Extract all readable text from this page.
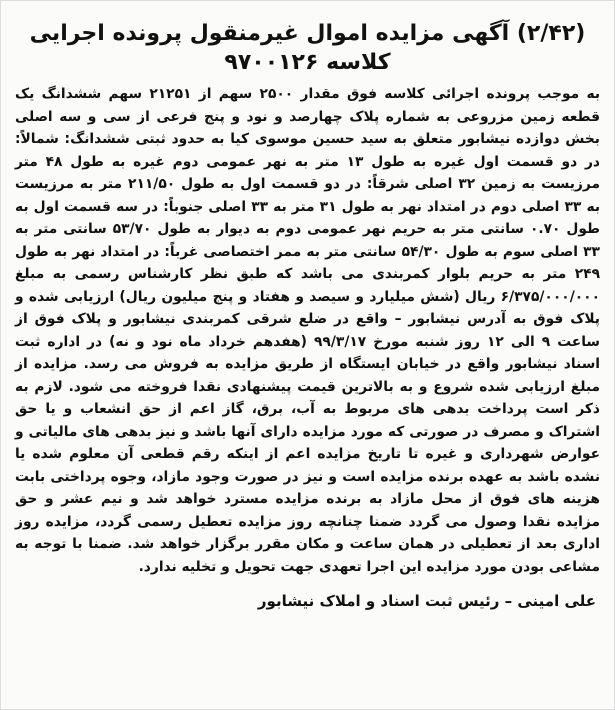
(۲/۴۲) آگهی مزایده اموال غیرمنقول پرونده اجرایی کلاسه ۹۷۰۰۱۲۶

به موجب پرونده اجرائی کلاسه فوق مقدار ۲۵۰۰ سهم از ۲۱۲۵۱ سهم ششدانگ یک قطعه زمین مزروعی به شماره پلاک چهارصد و نود و پنج فرعی از سی و سه اصلی بخش دوازده نیشابور متعلق به سید حسین موسوی کیا به حدود ثبتی ششدانگ: شمالاً: در دو قسمت اول غیره به طول ۱۳ متر به نهر عمومی دوم غیره به طول ۴۸ متر مرزیست به زمین ۳۲ اصلی شرقاً: در دو قسمت اول به طول ۲۱۱/۵۰ متر به مرزیست به ۳۳ اصلی دوم در امتداد نهر به طول ۳۱ متر به ۳۳ اصلی جنوباً: در سه قسمت اول به طول ۰.۷۰ سانتی متر به حریم نهر عمومی دوم به دیوار به طول ۵۳/۷۰ سانتی متر به ۳۳ اصلی سوم به طول ۵۴/۳۰ سانتی متر به ممر اختصاصی غرباً: در امتداد نهر به طول ۲۴۹ متر به حریم بلوار کمربندی می باشد که طبق نظر کارشناس رسمی به مبلغ ۶/۳۷۵/۰۰۰/۰۰۰ ریال (شش میلیارد و سیصد و هفتاد و پنج میلیون ریال) ارزیابی شده و پلاک فوق به آدرس نیشابور – واقع در ضلع شرقی کمربندی نیشابور و پلاک فوق از ساعت ۹ الی ۱۲ روز شنبه مورخ ۹۹/۳/۱۷ (هفدهم خرداد ماه نود و نه) در اداره ثبت اسناد نیشابور واقع در خیابان ایستگاه از طریق مزایده به فروش می رسد. مزایده از مبلغ ارزیابی شده شروع و به بالاترین قیمت پیشنهادی نقدا فروخته می شود. لازم به ذکر است پرداخت بدهی های مربوط به آب، برق، گاز اعم از حق انشعاب و یا حق اشتراک و مصرف در صورتی که مورد مزایده دارای آنها باشد و نیز بدهی های مالیاتی و عوارض شهرداری و غیره تا تاریخ مزایده اعم از اینکه رقم قطعی آن معلوم شده یا نشده باشد به عهده برنده مزایده است و نیز در صورت وجود مازاد، وجوه پرداختی بابت هزینه های فوق از محل مازاد به برنده مزایده مسترد خواهد شد و نیم عشر و حق مزایده نقدا وصول می گردد ضمنا چنانچه روز مزایده تعطیل رسمی گردد، مزایده روز اداری بعد از تعطیلی در همان ساعت و مکان مقرر برگزار خواهد شد. ضمنا با توجه به مشاعی بودن مورد مزایده این اجرا تعهدی جهت تحویل و تخلیه ندارد.

علی امینی – رئیس ثبت اسناد و املاک نیشابور
